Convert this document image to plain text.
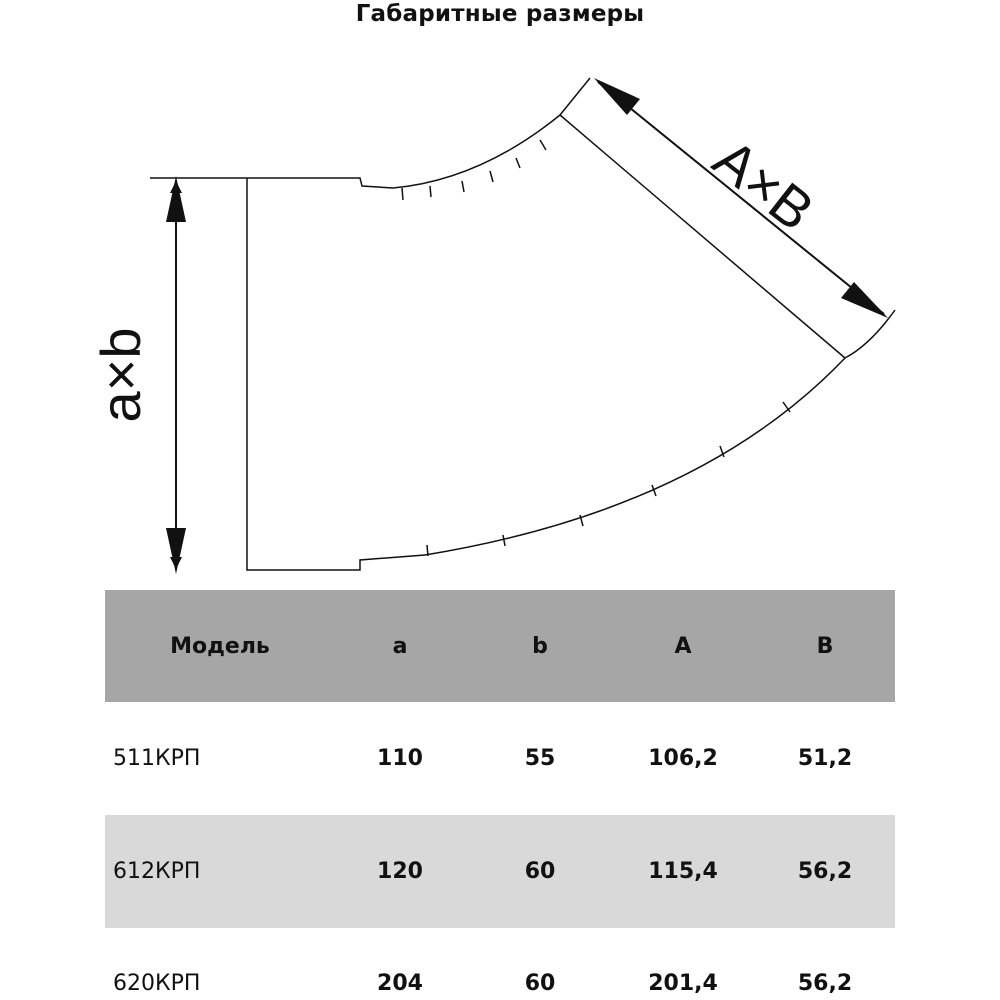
Габаритные размеры
a×b
A×B
Модель	a	b	A	B
511КРП	110	55	106,2	51,2
612КРП	120	60	115,4	56,2
620КРП	204	60	201,4	56,2
